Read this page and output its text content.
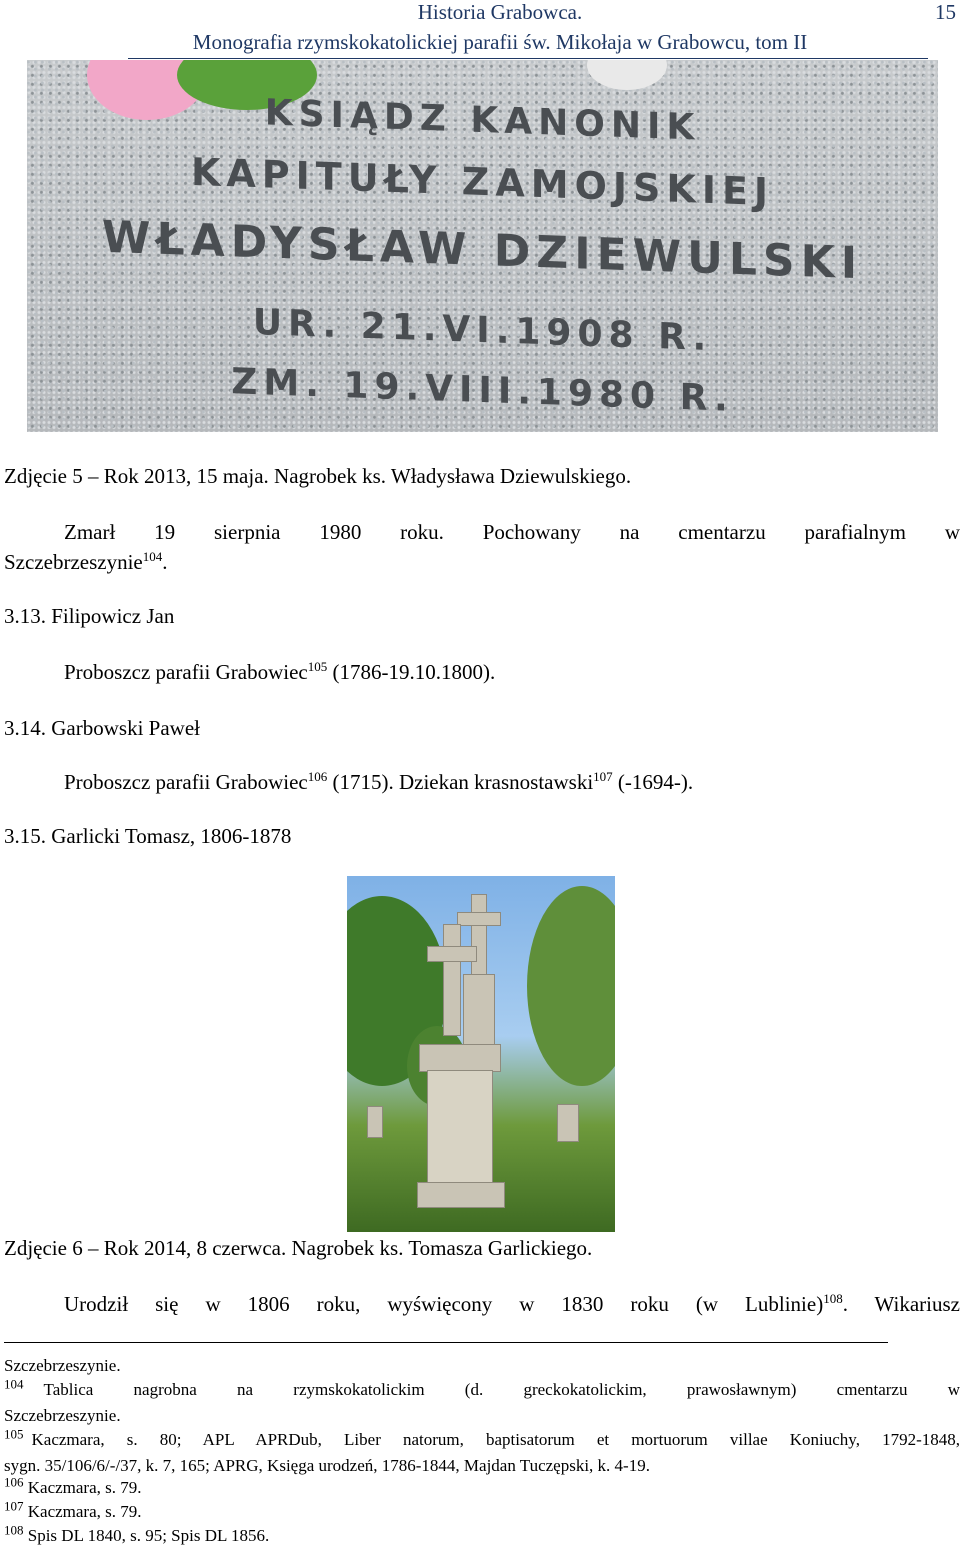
Historia Grabowca.
Monografia rzymskokatolickiej parafii św. Mikołaja w Grabowcu, tom II
15
KSIĄDZ KANONIK
KAPITUŁY ZAMOJSKIEJ
WŁADYSŁAW DZIEWULSKI
UR. 21.VI.1908 R.
ZM. 19.VIII.1980 R.
Zdjęcie 5 – Rok 2013, 15 maja. Nagrobek ks. Władysława Dziewulskiego.
Zmarł 19 sierpnia 1980 roku. Pochowany na cmentarzu parafialnym w
Szczebrzeszynie$^{104}$.
3.13. Filipowicz Jan
Proboszcz parafii Grabowiec$^{105}$ (1786-19.10.1800).
3.14. Garbowski Paweł
Proboszcz parafii Grabowiec$^{106}$ (1715). Dziekan krasnostawski$^{107}$ (-1694-).
3.15. Garlicki Tomasz, 1806-1878
Zdjęcie 6 – Rok 2014, 8 czerwca. Nagrobek ks. Tomasza Garlickiego.
Urodził się w 1806 roku, wyświęcony w 1830 roku (w Lublinie)$^{108}$. Wikariusz
Szczebrzeszynie.
$^{104}$ Tablica nagrobna na rzymskokatolickim (d. greckokatolickim, prawosławnym) cmentarzu w
Szczebrzeszynie.
$^{105}$ Kaczmara, s. 80; APL APRDub, Liber natorum, baptisatorum et mortuorum villae Koniuchy, 1792-1848,
sygn. 35/106/6/-/37, k. 7, 165; APRG, Księga urodzeń, 1786-1844, Majdan Tuczępski, k. 4-19.
$^{106}$ Kaczmara, s. 79.
$^{107}$ Kaczmara, s. 79.
$^{108}$ Spis DL 1840, s. 95; Spis DL 1856.
